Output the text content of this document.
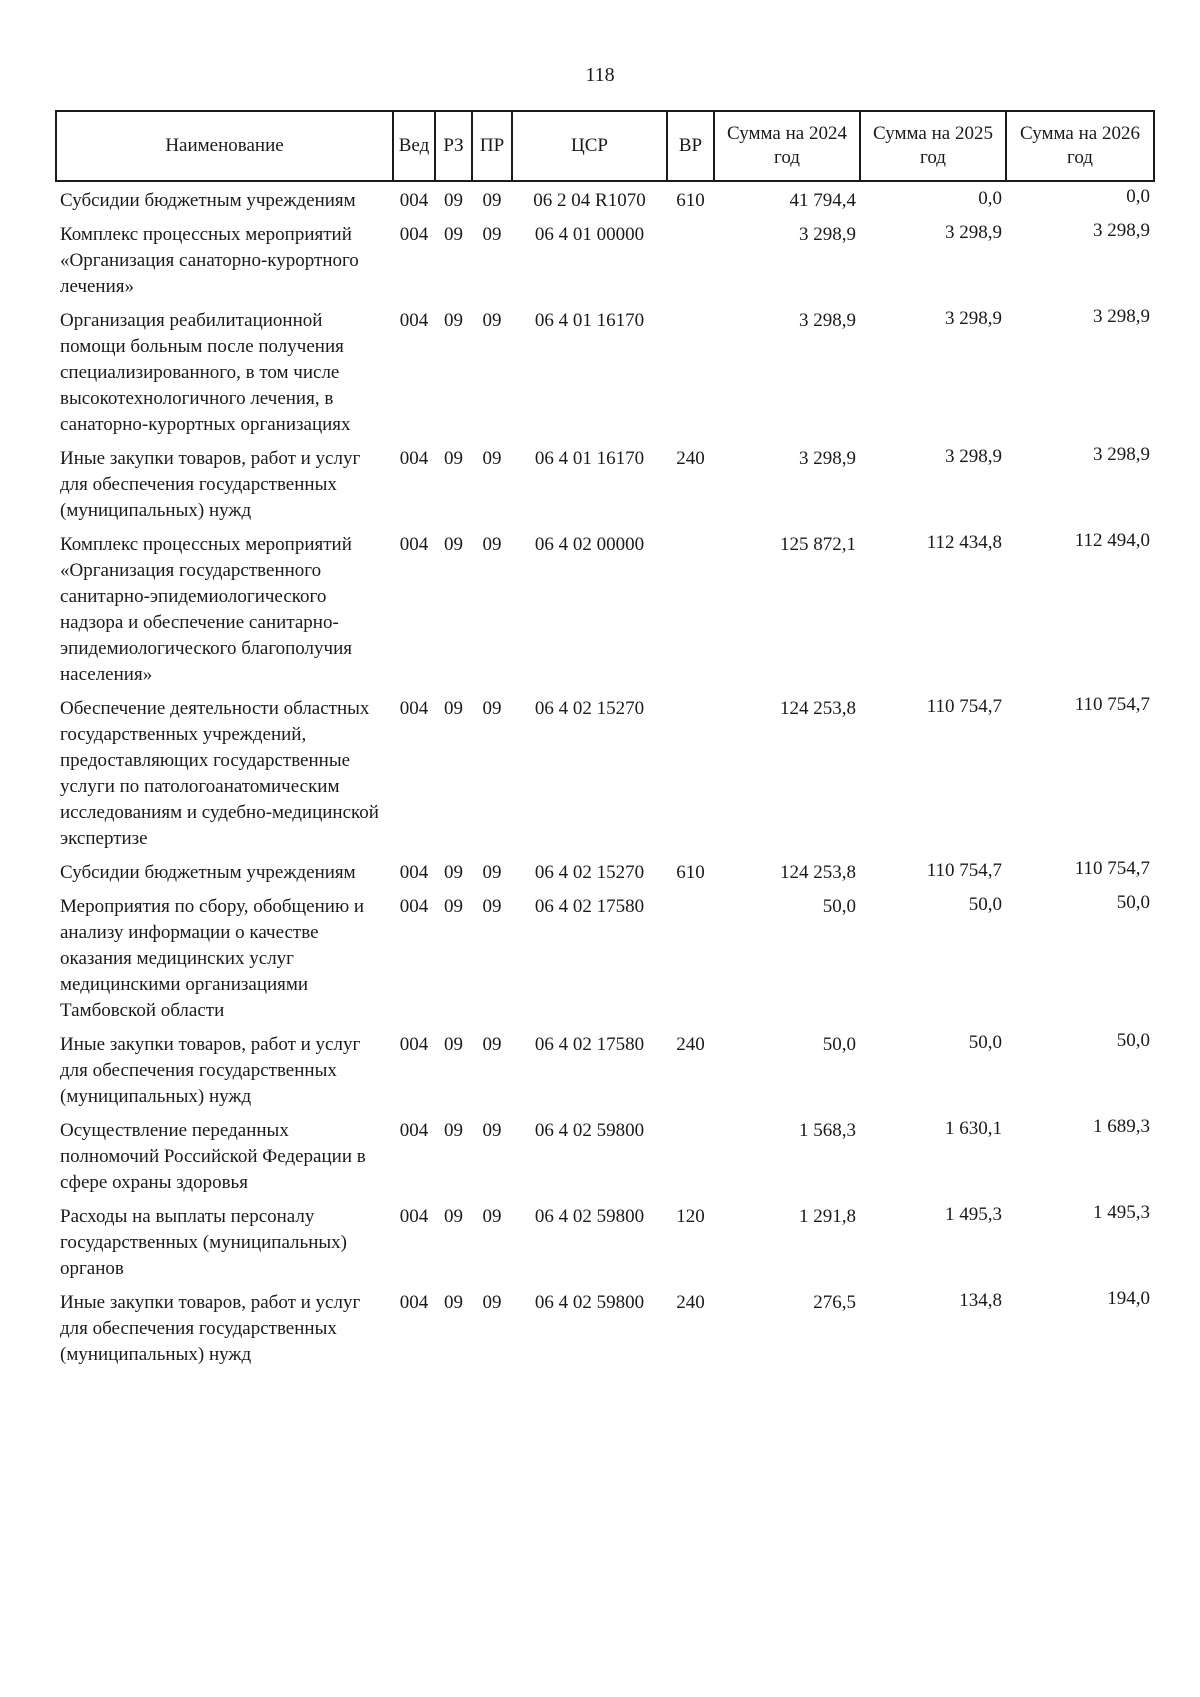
118
Наименование	Вед	РЗ	ПР	ЦСР	ВР	Сумма на 2024 год	Сумма на 2025 год	Сумма на 2026 год
Субсидии бюджетным учреждениям	004	09	09	06 2 04 R1070	610	41 794,4	0,0	0,0
Комплекс процессных мероприятий «Организация санаторно-курортного лечения»	004	09	09	06 4 01 00000		3 298,9	3 298,9	3 298,9
Организация реабилитационной помощи больным после получения специализированного, в том числе высокотехнологичного лечения, в санаторно-курортных организациях	004	09	09	06 4 01 16170		3 298,9	3 298,9	3 298,9
Иные закупки товаров, работ и услуг для обеспечения государственных (муниципальных) нужд	004	09	09	06 4 01 16170	240	3 298,9	3 298,9	3 298,9
Комплекс процессных мероприятий «Организация государственного санитарно-эпидемиологического надзора и обеспечение санитарно-эпидемиологического благополучия населения»	004	09	09	06 4 02 00000		125 872,1	112 434,8	112 494,0
Обеспечение деятельности областных государственных учреждений, предоставляющих государственные услуги по патологоанатомическим исследованиям и судебно-медицинской экспертизе	004	09	09	06 4 02 15270		124 253,8	110 754,7	110 754,7
Субсидии бюджетным учреждениям	004	09	09	06 4 02 15270	610	124 253,8	110 754,7	110 754,7
Мероприятия по сбору, обобщению и анализу информации о качестве оказания медицинских услуг медицинскими организациями Тамбовской области	004	09	09	06 4 02 17580		50,0	50,0	50,0
Иные закупки товаров, работ и услуг для обеспечения государственных (муниципальных) нужд	004	09	09	06 4 02 17580	240	50,0	50,0	50,0
Осуществление переданных полномочий Российской Федерации в сфере охраны здоровья	004	09	09	06 4 02 59800		1 568,3	1 630,1	1 689,3
Расходы на выплаты персоналу государственных (муниципальных) органов	004	09	09	06 4 02 59800	120	1 291,8	1 495,3	1 495,3
Иные закупки товаров, работ и услуг для обеспечения государственных (муниципальных) нужд	004	09	09	06 4 02 59800	240	276,5	134,8	194,0
